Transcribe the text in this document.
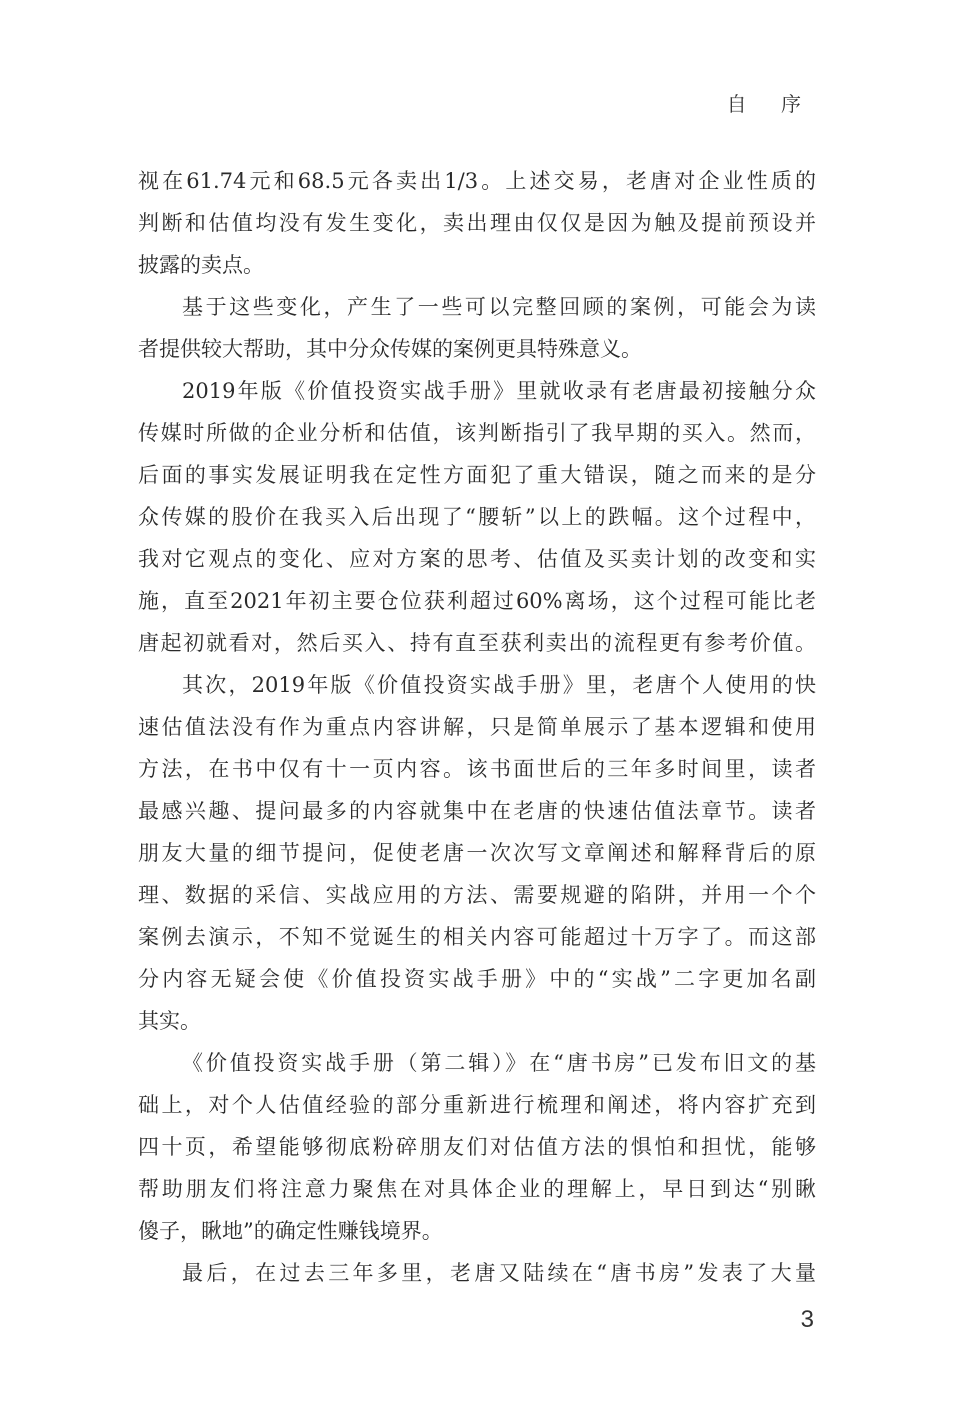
自 序
视在61.74元和68.5元各卖出1/3。上述交易，老唐对企业性质的
判断和估值均没有发生变化，卖出理由仅仅是因为触及提前预设并
披露的卖点。
基于这些变化，产生了一些可以完整回顾的案例，可能会为读
者提供较大帮助，其中分众传媒的案例更具特殊意义。
2019年版《价值投资实战手册》里就收录有老唐最初接触分众
传媒时所做的企业分析和估值，该判断指引了我早期的买入。然而，
后面的事实发展证明我在定性方面犯了重大错误，随之而来的是分
众传媒的股价在我买入后出现了“腰斩”以上的跌幅。这个过程中，
我对它观点的变化、应对方案的思考、估值及买卖计划的改变和实
施，直至2021年初主要仓位获利超过60%离场，这个过程可能比老
唐起初就看对，然后买入、持有直至获利卖出的流程更有参考价值。
其次，2019年版《价值投资实战手册》里，老唐个人使用的快
速估值法没有作为重点内容讲解，只是简单展示了基本逻辑和使用
方法，在书中仅有十一页内容。该书面世后的三年多时间里，读者
最感兴趣、提问最多的内容就集中在老唐的快速估值法章节。读者
朋友大量的细节提问，促使老唐一次次写文章阐述和解释背后的原
理、数据的采信、实战应用的方法、需要规避的陷阱，并用一个个
案例去演示，不知不觉诞生的相关内容可能超过十万字了。而这部
分内容无疑会使《价值投资实战手册》中的“实战”二字更加名副
其实。
《价值投资实战手册（第二辑）》在“唐书房”已发布旧文的基
础上，对个人估值经验的部分重新进行梳理和阐述，将内容扩充到
四十页，希望能够彻底粉碎朋友们对估值方法的惧怕和担忧，能够
帮助朋友们将注意力聚焦在对具体企业的理解上，早日到达“别瞅
傻子，瞅地”的确定性赚钱境界。
最后，在过去三年多里，老唐又陆续在“唐书房”发表了大量
3
